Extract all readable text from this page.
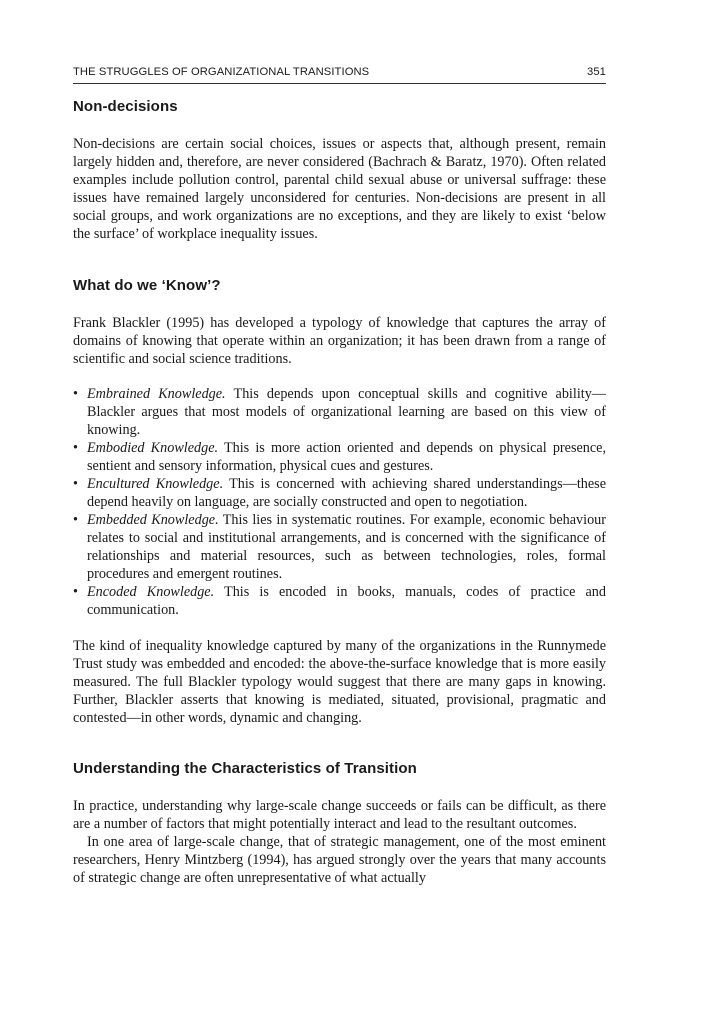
THE STRUGGLES OF ORGANIZATIONAL TRANSITIONS	351
Non-decisions

Non-decisions are certain social choices, issues or aspects that, although present, remain largely hidden and, therefore, are never considered (Bachrach & Baratz, 1970). Often related examples include pollution control, parental child sexual abuse or universal suffrage: these issues have remained largely unconsidered for centuries. Non-decisions are present in all social groups, and work organizations are no exceptions, and they are likely to exist ‘below the surface’ of workplace inequality issues.

What do we ‘Know’?

Frank Blackler (1995) has developed a typology of knowledge that captures the array of domains of knowing that operate within an organization; it has been drawn from a range of scientific and social science traditions.

• Embrained Knowledge. This depends upon conceptual skills and cognitive ability—Blackler argues that most models of organizational learning are based on this view of knowing.
• Embodied Knowledge. This is more action oriented and depends on physical presence, sentient and sensory information, physical cues and gestures.
• Encultured Knowledge. This is concerned with achieving shared understandings—these depend heavily on language, are socially constructed and open to negotiation.
• Embedded Knowledge. This lies in systematic routines. For example, economic behaviour relates to social and institutional arrangements, and is concerned with the significance of relationships and material resources, such as between technologies, roles, formal procedures and emergent routines.
• Encoded Knowledge. This is encoded in books, manuals, codes of practice and communication.

The kind of inequality knowledge captured by many of the organizations in the Runnymede Trust study was embedded and encoded: the above-the-surface knowledge that is more easily measured. The full Blackler typology would suggest that there are many gaps in knowing. Further, Blackler asserts that knowing is mediated, situated, provisional, pragmatic and contested—in other words, dynamic and changing.

Understanding the Characteristics of Transition

In practice, understanding why large-scale change succeeds or fails can be difficult, as there are a number of factors that might potentially interact and lead to the resultant outcomes.

In one area of large-scale change, that of strategic management, one of the most eminent researchers, Henry Mintzberg (1994), has argued strongly over the years that many accounts of strategic change are often unrepresentative of what actually
